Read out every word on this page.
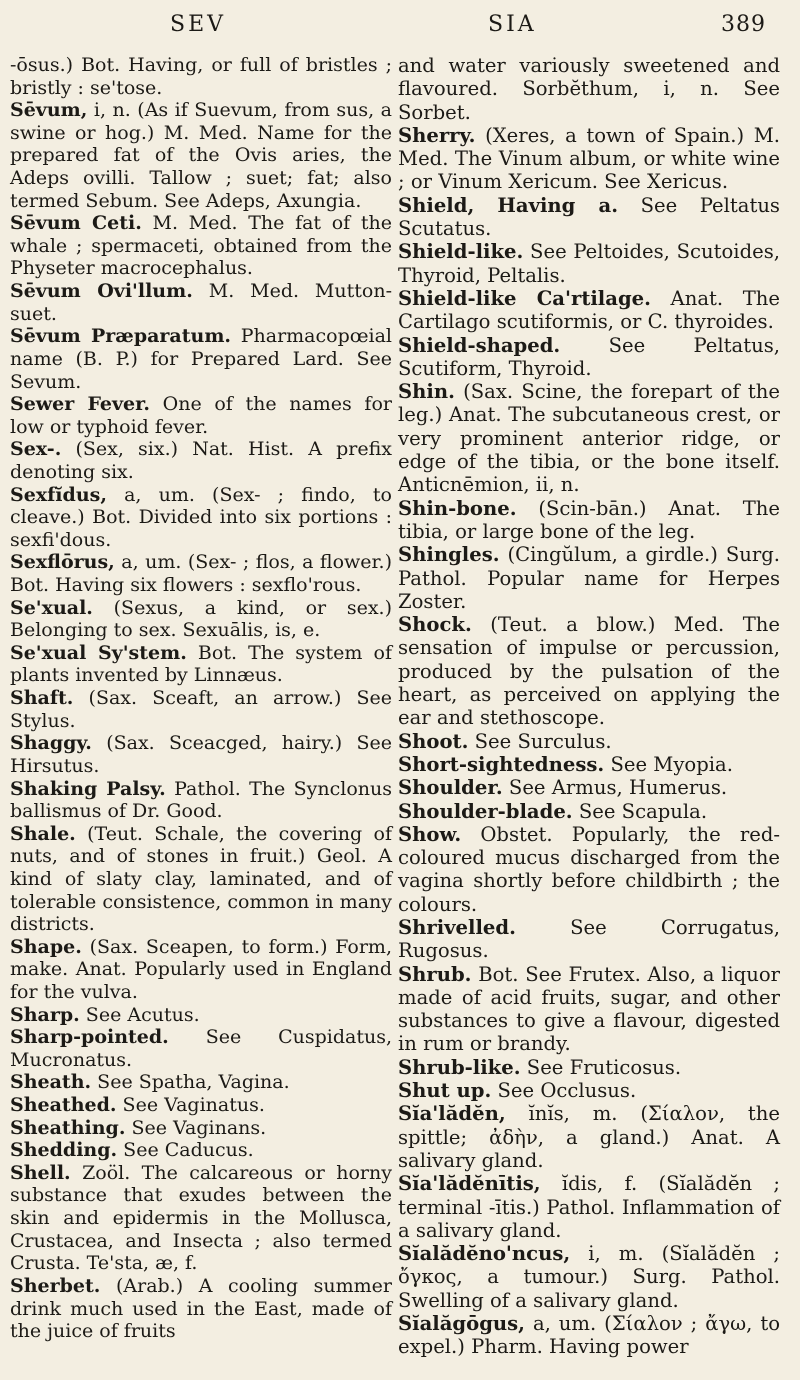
SEV	SIA	389

-ōsus.) Bot. Having, or full of bristles ; bristly : se'tose.

Sēvum, i, n. (As if Suevum, from sus, a swine or hog.) M. Med. Name for the prepared fat of the Ovis aries, the Adeps ovilli. Tallow ; suet; fat; also termed Sebum. See Adeps, Axungia.

Sēvum Ceti. M. Med. The fat of the whale ; spermaceti, obtained from the Physeter macrocephalus.

Sēvum Ovi'llum. M. Med. Mutton-suet.

Sēvum Præparatum. Pharmacopœial name (B. P.) for Prepared Lard. See Sevum.

Sewer Fever. One of the names for low or typhoid fever.

Sex-. (Sex, six.) Nat. Hist. A prefix denoting six.

Sexfĭdus, a, um. (Sex- ; findo, to cleave.) Bot. Divided into six portions : sexfi'dous.

Sexflōrus, a, um. (Sex- ; flos, a flower.) Bot. Having six flowers : sexflo'rous.

Se'xual. (Sexus, a kind, or sex.) Belonging to sex. Sexuālis, is, e.

Se'xual Sy'stem. Bot. The system of plants invented by Linnæus.

Shaft. (Sax. Sceaft, an arrow.) See Stylus.

Shaggy. (Sax. Sceacged, hairy.) See Hirsutus.

Shaking Palsy. Pathol. The Synclonus ballismus of Dr. Good.

Shale. (Teut. Schale, the covering of nuts, and of stones in fruit.) Geol. A kind of slaty clay, laminated, and of tolerable consistence, common in many districts.

Shape. (Sax. Sceapen, to form.) Form, make. Anat. Popularly used in England for the vulva.

Sharp. See Acutus.

Sharp-pointed. See Cuspidatus, Mucronatus.

Sheath. See Spatha, Vagina.

Sheathed. See Vaginatus.

Sheathing. See Vaginans.

Shedding. See Caducus.

Shell. Zoöl. The calcareous or horny substance that exudes between the skin and epidermis in the Mollusca, Crustacea, and Insecta ; also termed Crusta. Te'sta, æ, f.

Sherbet. (Arab.) A cooling summer drink much used in the East, made of the juice of fruits

and water variously sweetened and flavoured. Sorbĕthum, i, n. See Sorbet.

Sherry. (Xeres, a town of Spain.) M. Med. The Vinum album, or white wine ; or Vinum Xericum. See Xericus.

Shield, Having a. See Peltatus Scutatus.

Shield-like. See Peltoides, Scutoides, Thyroid, Peltalis.

Shield-like Ca'rtilage. Anat. The Cartilago scutiformis, or C. thyroides.

Shield-shaped. See Peltatus, Scutiform, Thyroid.

Shin. (Sax. Scine, the forepart of the leg.) Anat. The subcutaneous crest, or very prominent anterior ridge, or edge of the tibia, or the bone itself. Anticnēmion, ii, n.

Shin-bone. (Scin-bān.) Anat. The tibia, or large bone of the leg.

Shingles. (Cingŭlum, a girdle.) Surg. Pathol. Popular name for Herpes Zoster.

Shock. (Teut. a blow.) Med. The sensation of impulse or percussion, produced by the pulsation of the heart, as perceived on applying the ear and stethoscope.

Shoot. See Surculus.

Short-sightedness. See Myopia.

Shoulder. See Armus, Humerus.

Shoulder-blade. See Scapula.

Show. Obstet. Popularly, the red-coloured mucus discharged from the vagina shortly before childbirth ; the colours.

Shrivelled. See Corrugatus, Rugosus.

Shrub. Bot. See Frutex. Also, a liquor made of acid fruits, sugar, and other substances to give a flavour, digested in rum or brandy.

Shrub-like. See Fruticosus.

Shut up. See Occlusus.

Sĭa'lădĕn, ĭnĭs, m. (Σίαλον, the spittle; ἀδὴν, a gland.) Anat. A salivary gland.

Sĭa'lădĕnītis, ĭdis, f. (Sĭalădĕn ; terminal -ītis.) Pathol. Inflammation of a salivary gland.

Sĭalădĕno'ncus, i, m. (Sĭalădĕn ; ὄγκος, a tumour.) Surg. Pathol. Swelling of a salivary gland.

Sĭalăgōgus, a, um. (Σίαλον ; ἄγω, to expel.) Pharm. Having power
